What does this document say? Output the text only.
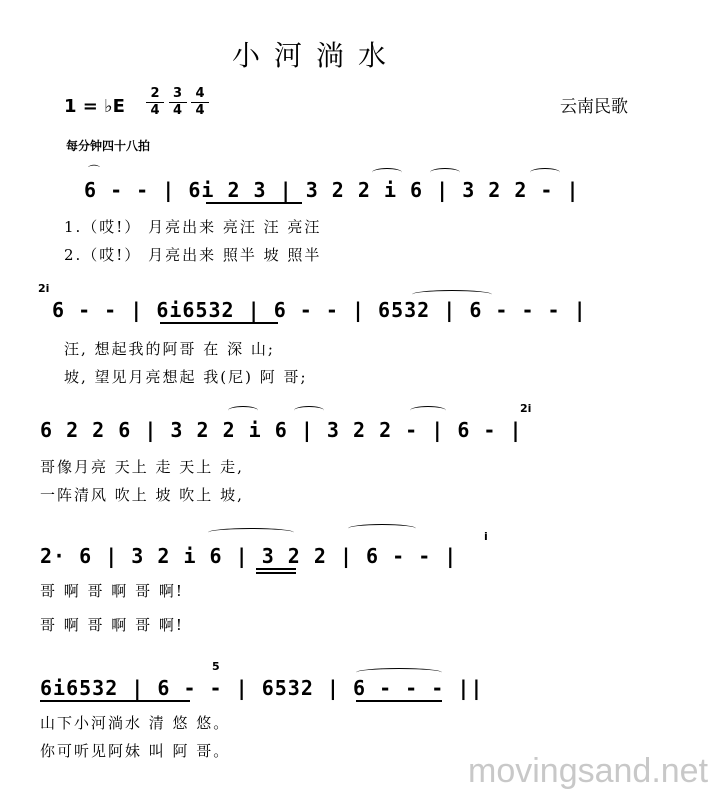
小河淌水
1 = ♭E $\frac{2}{4} \frac{3}{4} \frac{4}{4}$	云南民歌
每分钟四十八拍
6 - - | 6i 2 3 | 3 2 2 i 6 | 3 2 2 - |
1.（哎!） 月亮出来 亮汪 汪 亮汪
2.（哎!） 月亮出来 照半 坡 照半
⌒
2i
6 - - | 6i6532 | 6 - - | 6532 | 6 - - - |
汪, 想起我的阿哥 在 深 山;
坡, 望见月亮想起 我(尼) 阿 哥;
2i
6 2 2 6 | 3 2 2 i 6 | 3 2 2 - | 6 - |
哥像月亮 天上 走 天上 走,
一阵清风 吹上 坡 吹上 坡,
i
2· 6 | 3 2 i 6 | 3 2 2 | 6 - - |
哥 啊 哥 啊 哥 啊!
哥 啊 哥 啊 哥 啊!
5
6i6532 | 6 - - | 6532 | 6 - - - ||
山下小河淌水 清 悠 悠。
你可听见阿妹 叫 阿 哥。
movingsand.net
